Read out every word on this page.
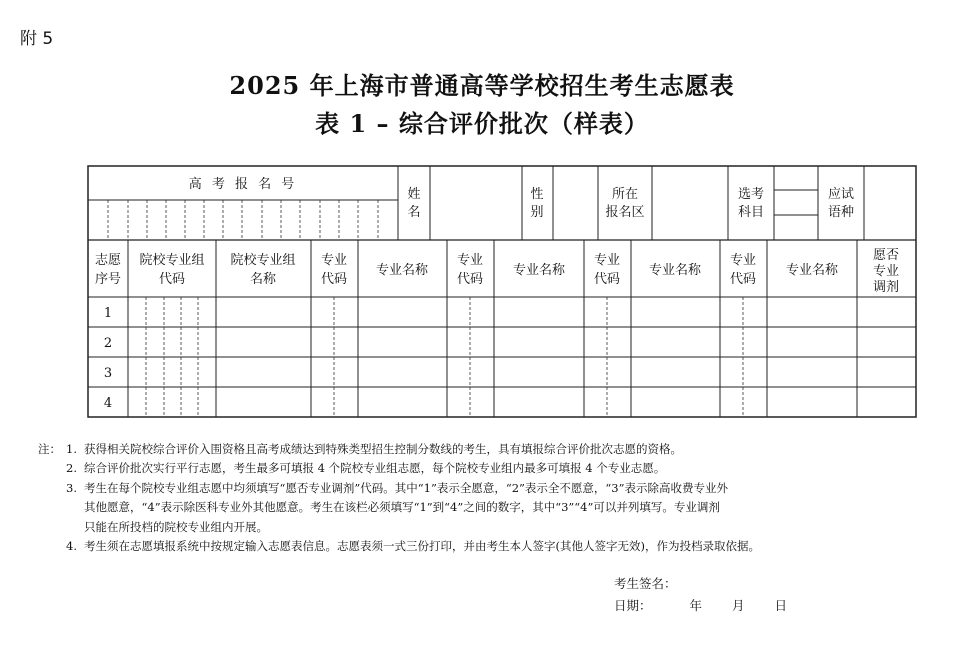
附 5
2025 年上海市普通高等学校招生考生志愿表
表 1 – 综合评价批次（样表）
高 考 报 名 号
姓
名
性
别
所在
报名区
选考
科目
应试
语种
志愿
序号
院校专业组
代码
院校专业组
名称
专业
代码
专业名称
专业
代码
专业名称
专业
代码
专业名称
专业
代码
专业名称
愿否
专业
调剂
1
2
3
4
注： 1. 获得相关院校综合评价入围资格且高考成绩达到特殊类型招生控制分数线的考生，具有填报综合评价批次志愿的资格。
2. 综合评价批次实行平行志愿，考生最多可填报 4 个院校专业组志愿，每个院校专业组内最多可填报 4 个专业志愿。
3. 考生在每个院校专业组志愿中均须填写“愿否专业调剂”代码。其中“1”表示全愿意，“2”表示全不愿意，“3”表示除高收费专业外
其他愿意，“4”表示除医科专业外其他愿意。考生在该栏必须填写“1”到“4”之间的数字，其中“3”“4”可以并列填写。专业调剂
只能在所投档的院校专业组内开展。
4. 考生须在志愿填报系统中按规定输入志愿表信息。志愿表须一式三份打印，并由考生本人签字(其他人签字无效)，作为投档录取依据。
考生签名：
日期：	年 月 日
